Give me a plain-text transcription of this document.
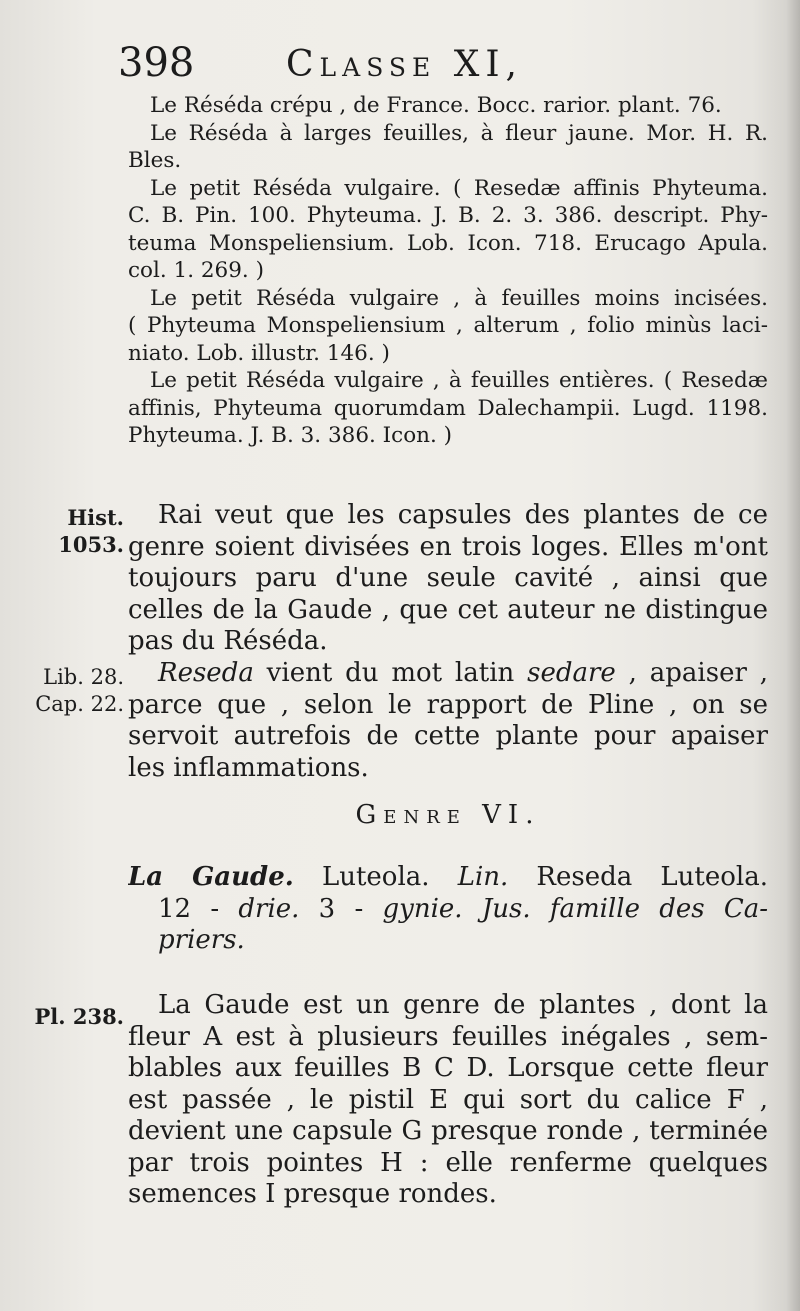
398	Classe XI,
Le Réséda crépu , de France. Bocc. rarior. plant. 76.
Le Réséda à larges feuilles, à fleur jaune. Mor. H. R.
Bles.
Le petit Réséda vulgaire. ( Resedæ affinis Phyteuma.
C. B. Pin. 100. Phyteuma. J. B. 2. 3. 386. descript. Phy-
teuma Monspeliensium. Lob. Icon. 718. Erucago Apula.
col. 1. 269. )
Le petit Réséda vulgaire , à feuilles moins incisées.
( Phyteuma Monspeliensium , alterum , folio minùs laci-
niato. Lob. illustr. 146. )
Le petit Réséda vulgaire , à feuilles entières. ( Resedæ
affinis, Phyteuma quorumdam Dalechampii. Lugd. 1198.
Phyteuma. J. B. 3. 386. Icon. )
Hist.
1053.
Lib. 28.
Cap. 22.
Pl. 238.
Rai veut que les capsules des plantes de ce
genre soient divisées en trois loges. Elles m'ont
toujours paru d'une seule cavité , ainsi que
celles de la Gaude , que cet auteur ne distingue
pas du Réséda.
Reseda vient du mot latin sedare , apaiser ,
parce que , selon le rapport de Pline , on se
servoit autrefois de cette plante pour apaiser
les inflammations.
Genre VI.
La Gaude. Luteola. Lin. Reseda Luteola.
12 - drie. 3 - gynie. Jus. famille des Ca-
priers.
La Gaude est un genre de plantes , dont la
fleur A est à plusieurs feuilles inégales , sem-
blables aux feuilles B C D. Lorsque cette fleur
est passée , le pistil E qui sort du calice F ,
devient une capsule G presque ronde , terminée
par trois pointes H : elle renferme quelques
semences I presque rondes.
